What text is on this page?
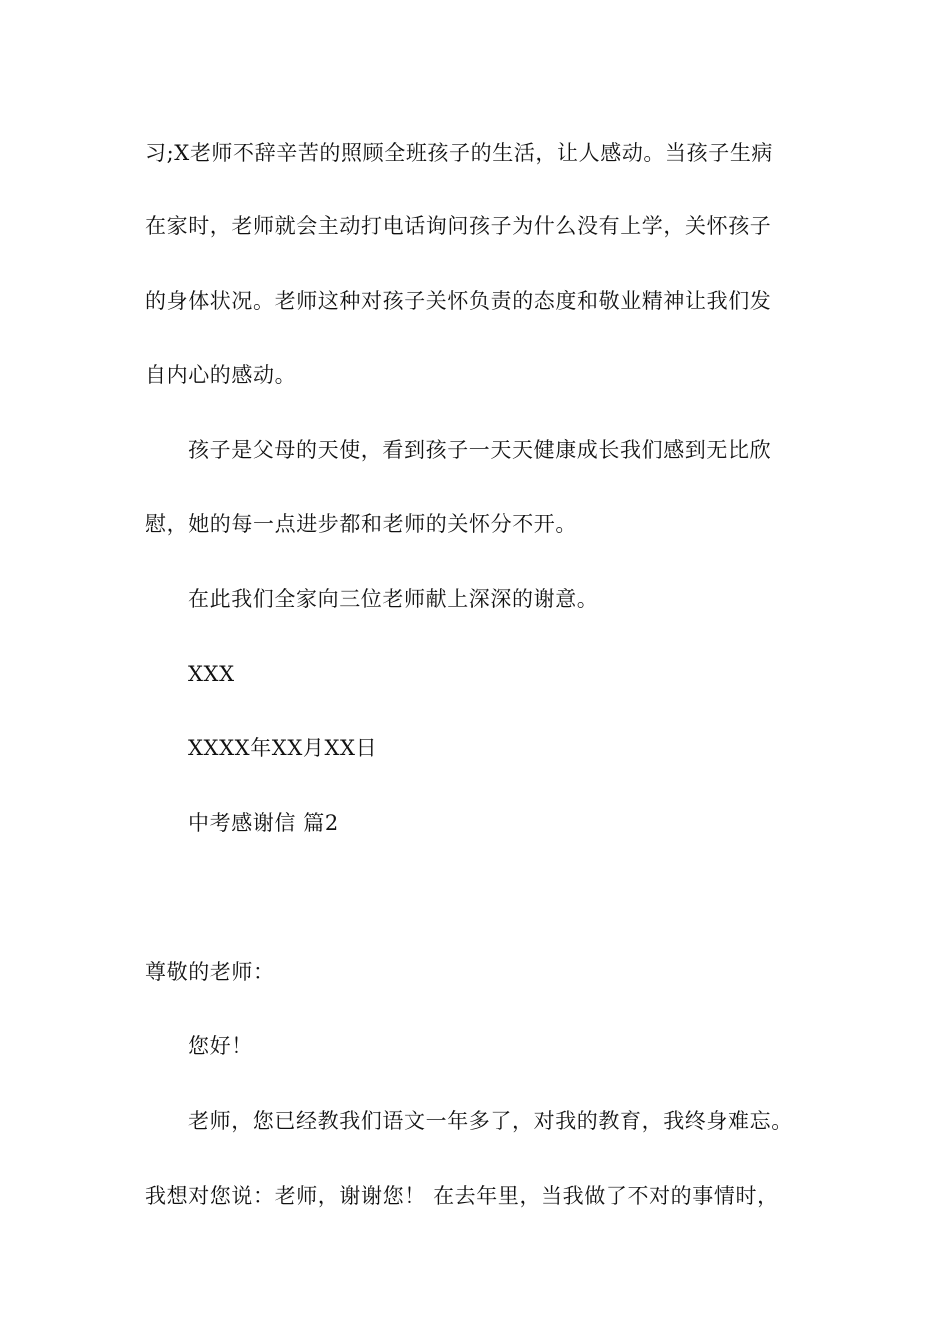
习;X老师不辞辛苦的照顾全班孩子的生活，让人感动。当孩子生病
在家时，老师就会主动打电话询问孩子为什么没有上学，关怀孩子
的身体状况。老师这种对孩子关怀负责的态度和敬业精神让我们发
自内心的感动。
孩子是父母的天使，看到孩子一天天健康成长我们感到无比欣
慰，她的每一点进步都和老师的关怀分不开。
在此我们全家向三位老师献上深深的谢意。
XXX
XXXX年XX月XX日
中考感谢信 篇2
尊敬的老师：
您好！
老师，您已经教我们语文一年多了，对我的教育，我终身难忘。
我想对您说：老师，谢谢您！ 在去年里，当我做了不对的事情时，
